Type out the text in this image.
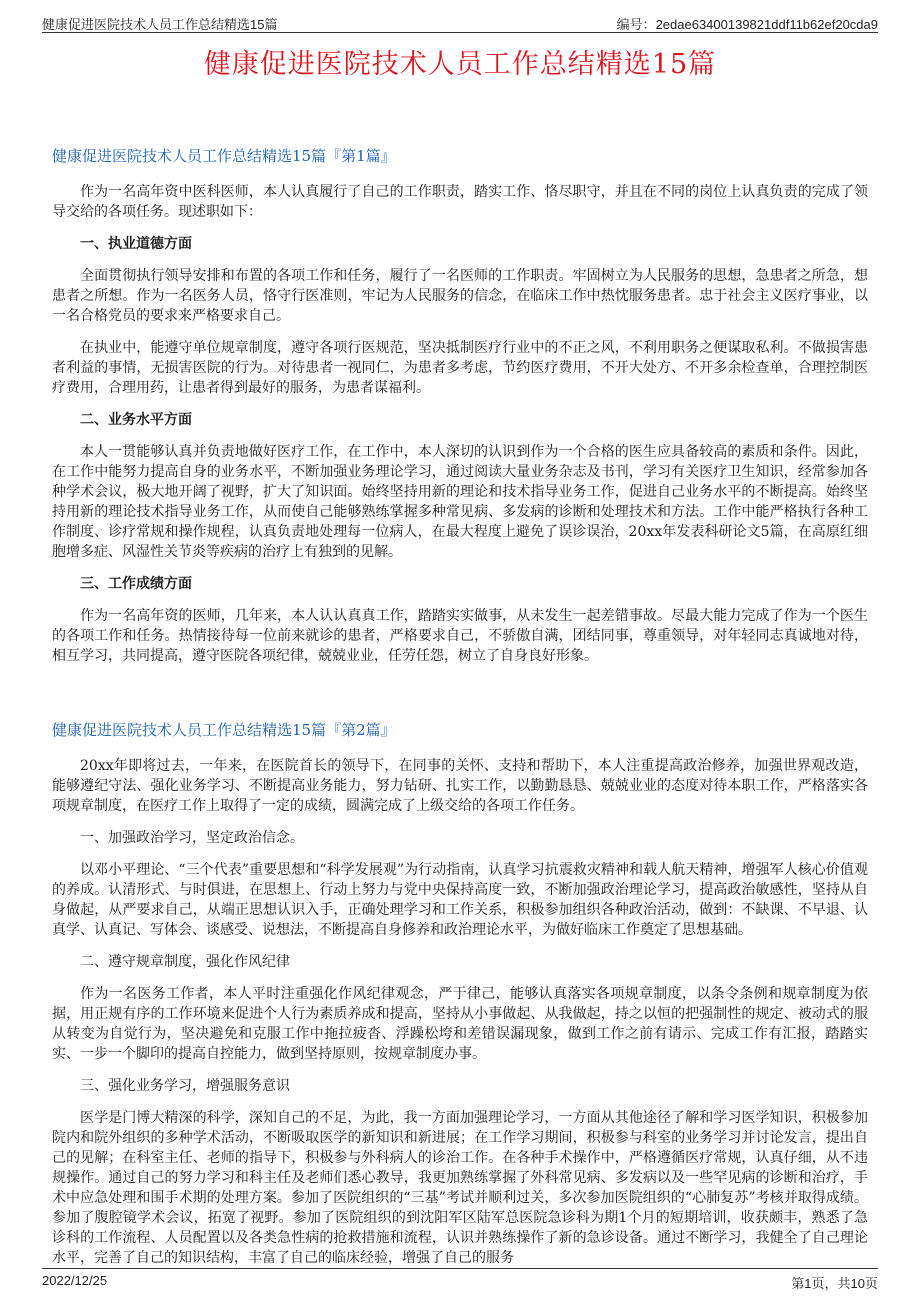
健康促进医院技术人员工作总结精选15篇	编号：2edae63400139821ddf11b62ef20cda9
健康促进医院技术人员工作总结精选15篇
健康促进医院技术人员工作总结精选15篇『第1篇』

作为一名高年资中医科医师，本人认真履行了自己的工作职责，踏实工作、恪尽职守，并且在不同的岗位上认真负责的完成了领导交给的各项任务。现述职如下：

一、执业道德方面

全面贯彻执行领导安排和布置的各项工作和任务，履行了一名医师的工作职责。牢固树立为人民服务的思想，急患者之所急，想患者之所想。作为一名医务人员，恪守行医准则，牢记为人民服务的信念，在临床工作中热忱服务患者。忠于社会主义医疗事业，以一名合格党员的要求来严格要求自己。

在执业中，能遵守单位规章制度，遵守各项行医规范，坚决抵制医疗行业中的不正之风，不利用职务之便谋取私利。不做损害患者利益的事情，无损害医院的行为。对待患者一视同仁，为患者多考虑，节约医疗费用，不开大处方、不开多余检查单，合理控制医疗费用，合理用药，让患者得到最好的服务，为患者谋福利。

二、业务水平方面

本人一贯能够认真并负责地做好医疗工作，在工作中，本人深切的认识到作为一个合格的医生应具备较高的素质和条件。因此，在工作中能努力提高自身的业务水平，不断加强业务理论学习，通过阅读大量业务杂志及书刊，学习有关医疗卫生知识，经常参加各种学术会议，极大地开阔了视野，扩大了知识面。始终坚持用新的理论和技术指导业务工作，促进自己业务水平的不断提高。始终坚持用新的理论技术指导业务工作，从而使自己能够熟练掌握多种常见病、多发病的诊断和处理技术和方法。工作中能严格执行各种工作制度、诊疗常规和操作规程，认真负责地处理每一位病人，在最大程度上避免了误诊误治，20xx年发表科研论文5篇，在高原红细胞增多症、风湿性关节炎等疾病的治疗上有独到的见解。

三、工作成绩方面

作为一名高年资的医师，几年来，本人认认真真工作，踏踏实实做事，从未发生一起差错事故。尽最大能力完成了作为一个医生的各项工作和任务。热情接待每一位前来就诊的患者，严格要求自己，不骄傲自满，团结同事，尊重领导，对年轻同志真诚地对待，相互学习，共同提高，遵守医院各项纪律，兢兢业业，任劳任怨，树立了自身良好形象。

健康促进医院技术人员工作总结精选15篇『第2篇』

20xx年即将过去，一年来，在医院首长的领导下，在同事的关怀、支持和帮助下，本人注重提高政治修养，加强世界观改造，能够遵纪守法、强化业务学习、不断提高业务能力，努力钻研、扎实工作，以勤勤恳恳、兢兢业业的态度对待本职工作，严格落实各项规章制度，在医疗工作上取得了一定的成绩，圆满完成了上级交给的各项工作任务。

一、加强政治学习，坚定政治信念。

以邓小平理论、“三个代表”重要思想和“科学发展观”为行动指南，认真学习抗震救灾精神和载人航天精神，增强军人核心价值观的养成。认清形式、与时俱进，在思想上、行动上努力与党中央保持高度一致，不断加强政治理论学习，提高政治敏感性，坚持从自身做起，从严要求自己，从端正思想认识入手，正确处理学习和工作关系，积极参加组织各种政治活动，做到：不缺课、不早退、认真学、认真记、写体会、谈感受、说想法，不断提高自身修养和政治理论水平，为做好临床工作奠定了思想基础。

二、遵守规章制度，强化作风纪律

作为一名医务工作者，本人平时注重强化作风纪律观念，严于律己，能够认真落实各项规章制度，以条令条例和规章制度为依据，用正规有序的工作环境来促进个人行为素质养成和提高，坚持从小事做起、从我做起，持之以恒的把强制性的规定、被动式的服从转变为自觉行为，坚决避免和克服工作中拖拉疲沓、浮躁松垮和差错误漏现象，做到工作之前有请示、完成工作有汇报，踏踏实实、一步一个脚印的提高自控能力，做到坚持原则，按规章制度办事。

三、强化业务学习，增强服务意识

医学是门博大精深的科学，深知自己的不足，为此，我一方面加强理论学习，一方面从其他途径了解和学习医学知识，积极参加院内和院外组织的多种学术活动，不断吸取医学的新知识和新进展；在工作学习期间，积极参与科室的业务学习并讨论发言，提出自己的见解；在科室主任、老师的指导下，积极参与外科病人的诊治工作。在各种手术操作中，严格遵循医疗常规，认真仔细，从不违规操作。通过自己的努力学习和科主任及老师们悉心教导，我更加熟练掌握了外科常见病、多发病以及一些罕见病的诊断和治疗，手术中应急处理和围手术期的处理方案。参加了医院组织的“三基”考试并顺利过关，多次参加医院组织的“心肺复苏”考核并取得成绩。参加了腹腔镜学术会议，拓宽了视野。参加了医院组织的到沈阳军区陆军总医院急诊科为期1个月的短期培训，收获颇丰，熟悉了急诊科的工作流程、人员配置以及各类急性病的抢救措施和流程，认识并熟练操作了新的急诊设备。通过不断学习，我健全了自己理论水平，完善了自己的知识结构，丰富了自己的临床经验，增强了自己的服务

2022/12/25	第1页，共10页
